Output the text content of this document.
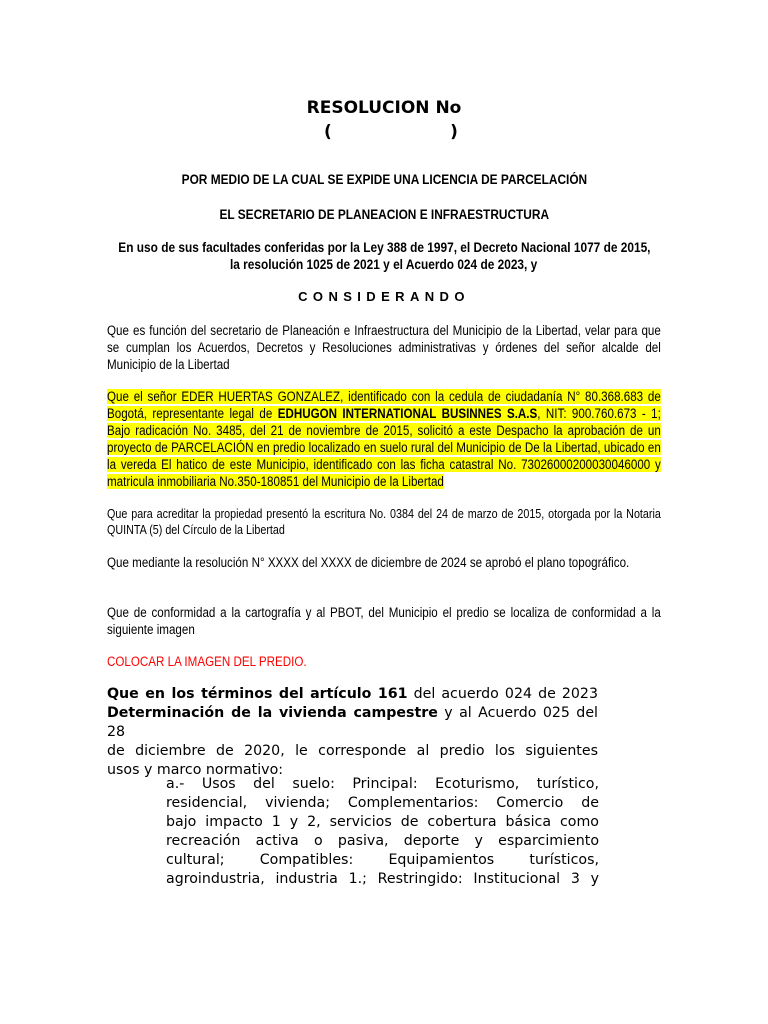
RESOLUCION No
(                    )
POR MEDIO DE LA CUAL SE EXPIDE UNA LICENCIA DE PARCELACIÓN
EL SECRETARIO DE PLANEACION E INFRAESTRUCTURA
En uso de sus facultades conferidas por la Ley 388 de 1997, el Decreto Nacional 1077 de 2015,
la resolución 1025 de 2021 y el Acuerdo 024 de 2023, y
CONSIDERANDO
Que es función del secretario de Planeación e Infraestructura del Municipio de la Libertad, velar para que se cumplan los Acuerdos, Decretos y Resoluciones administrativas y órdenes del señor alcalde del Municipio de la Libertad
Que el señor EDER HUERTAS GONZALEZ, identificado con la cedula de ciudadanía N° 80.368.683 de Bogotá, representante legal de EDHUGON INTERNATIONAL BUSINNES S.A.S, NIT: 900.760.673 - 1; Bajo radicación No. 3485, del 21 de noviembre de 2015, solicitó a este Despacho la aprobación de un proyecto de PARCELACIÓN en predio localizado en suelo rural del Municipio de De la Libertad, ubicado en la vereda El hatico de este Municipio, identificado con las ficha catastral No. 73026000200030046000 y matricula inmobiliaria No.350-180851 del Municipio de la Libertad
Que para acreditar la propiedad presentó la escritura No. 0384 del 24 de marzo de 2015, otorgada por la Notaria QUINTA (5) del Círculo de la Libertad
Que mediante la resolución N° XXXX del XXXX de diciembre de 2024 se aprobó el plano topográfico.
Que de conformidad a la cartografía y al PBOT, del Municipio el predio se localiza de conformidad a la siguiente imagen
COLOCAR LA IMAGEN DEL PREDIO.
Que en los términos del artículo 161 del acuerdo 024 de 2023
Determinación de la vivienda campestre y al Acuerdo 025 del 28
de diciembre de 2020, le corresponde al predio los siguientes
usos y marco normativo:
a.- Usos del suelo: Principal: Ecoturismo, turístico,
residencial, vivienda; Complementarios: Comercio de
bajo impacto 1 y 2, servicios de cobertura básica como
recreación activa o pasiva, deporte y esparcimiento
cultural; Compatibles: Equipamientos turísticos,
agroindustria, industria 1.; Restringido: Institucional 3 y
